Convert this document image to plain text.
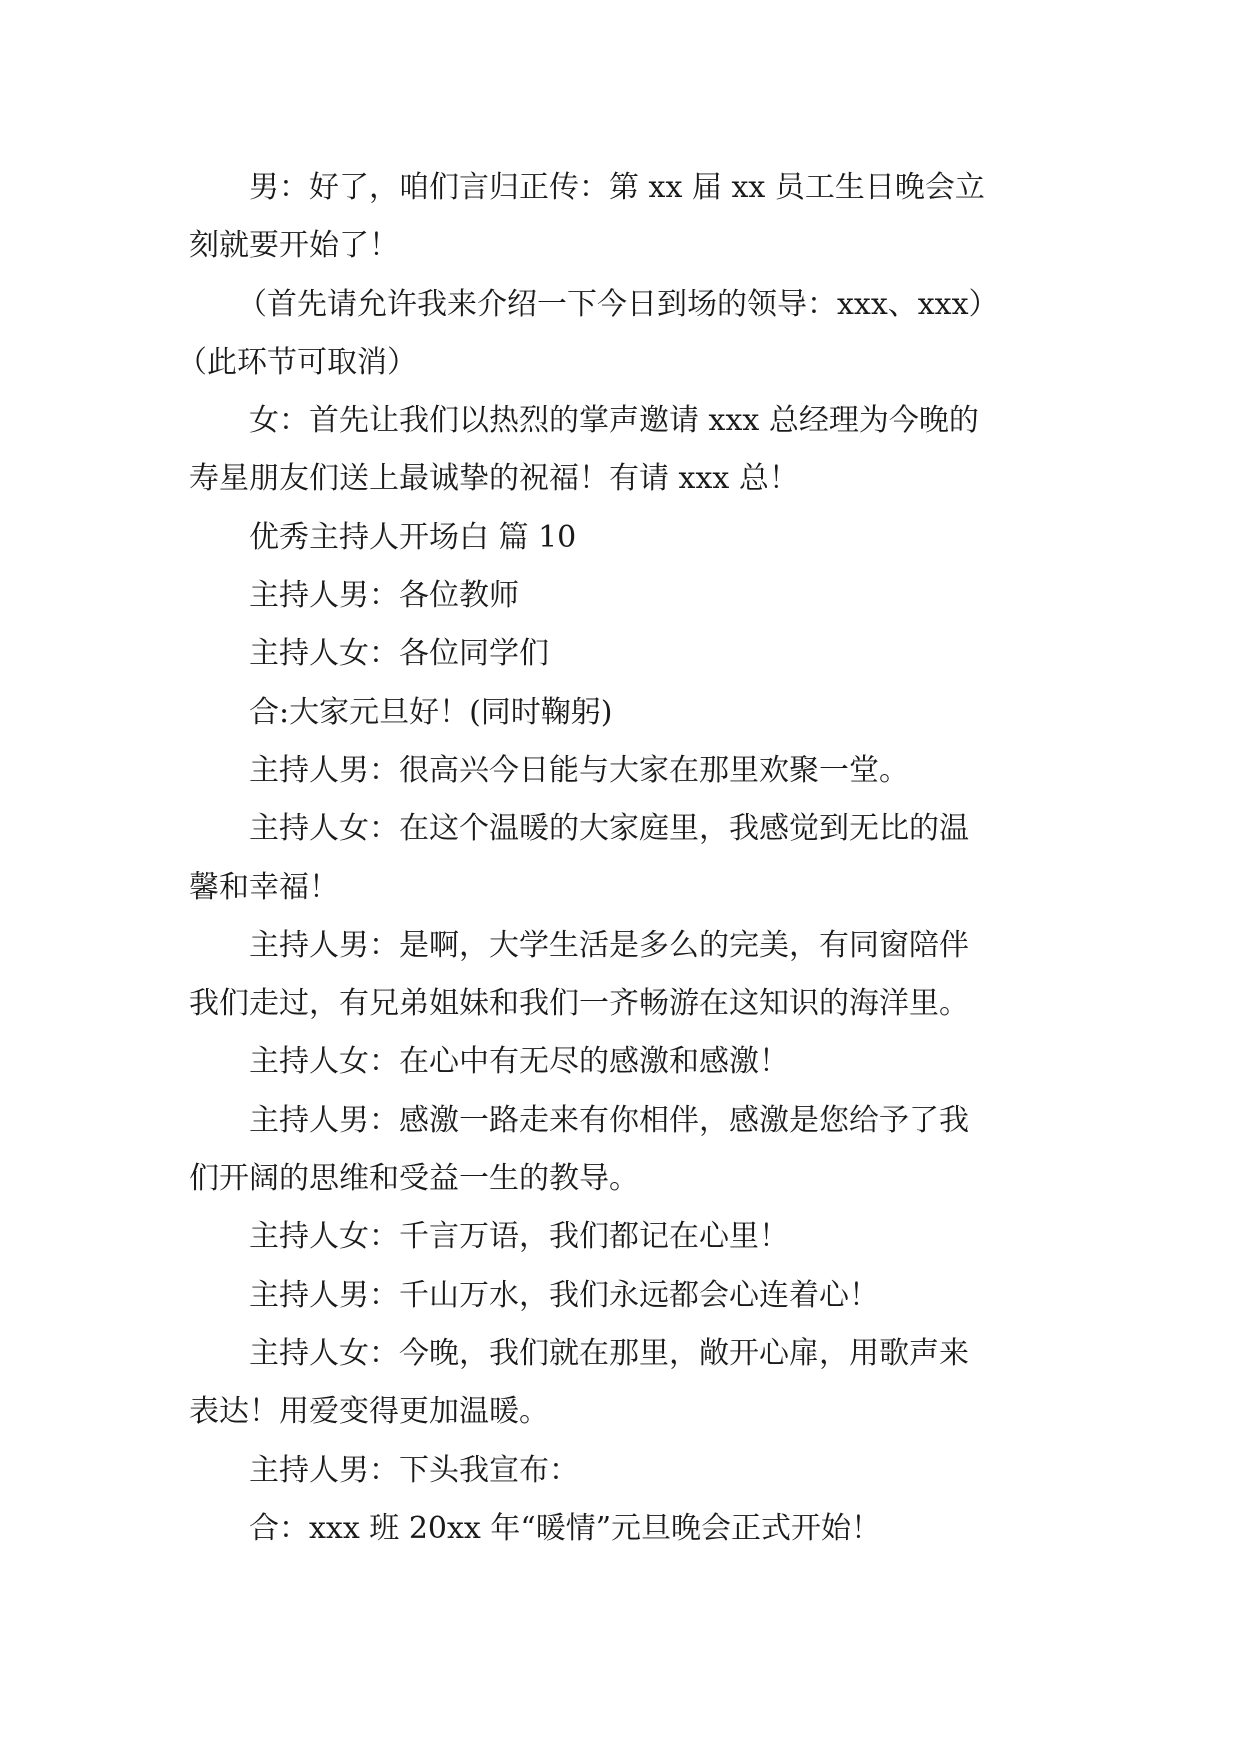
男：好了，咱们言归正传：第 xx 届 xx 员工生日晚会立
刻就要开始了！

（首先请允许我来介绍一下今日到场的领导：xxx、xxx）
（此环节可取消）

女：首先让我们以热烈的掌声邀请 xxx 总经理为今晚的
寿星朋友们送上最诚挚的祝福！有请 xxx 总！

优秀主持人开场白 篇 10

主持人男：各位教师

主持人女：各位同学们

合:大家元旦好！(同时鞠躬)

主持人男：很高兴今日能与大家在那里欢聚一堂。

主持人女：在这个温暖的大家庭里，我感觉到无比的温
馨和幸福！

主持人男：是啊，大学生活是多么的完美，有同窗陪伴
我们走过，有兄弟姐妹和我们一齐畅游在这知识的海洋里。

主持人女：在心中有无尽的感激和感激！

主持人男：感激一路走来有你相伴，感激是您给予了我
们开阔的思维和受益一生的教导。

主持人女：千言万语，我们都记在心里！

主持人男：千山万水，我们永远都会心连着心！

主持人女：今晚，我们就在那里，敞开心扉，用歌声来
表达！用爱变得更加温暖。

主持人男：下头我宣布：

合：xxx 班 20xx 年“暖情”元旦晚会正式开始！
